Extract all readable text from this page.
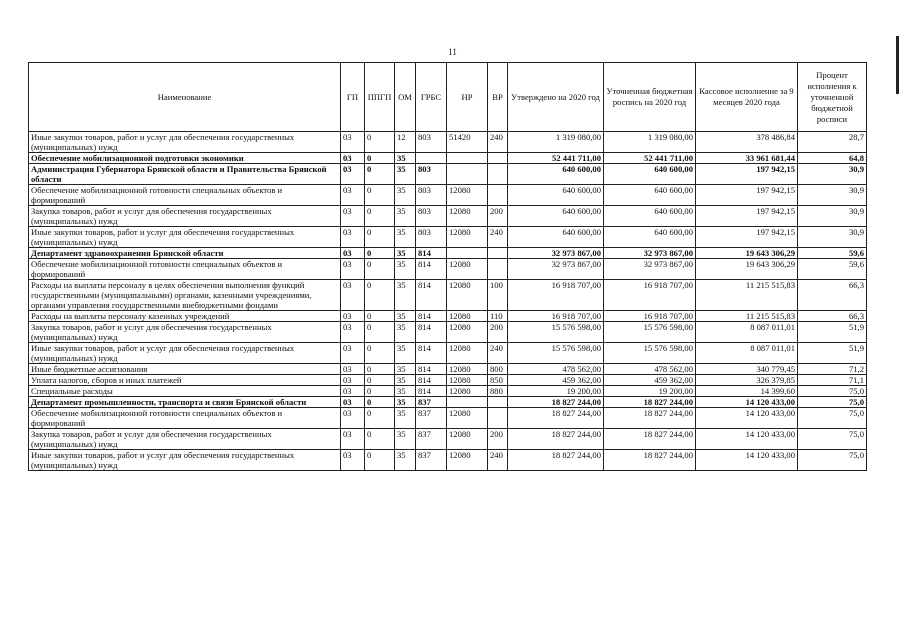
11
Наименование	ГП	ППГП	ОМ	ГРБС	НР	ВР	Утверждено на 2020 год	Уточненная бюджетная роспись на 2020 год	Кассовое исполнение за 9 месяцев 2020 года	Процент исполнения к уточненной бюджетной росписи
Иные закупки товаров, работ и услуг для обеспечения государственных (муниципальных) нужд	03	0	12	803	51420	240	1 319 080,00	1 319 080,00	378 486,84	28,7
Обеспечение мобилизационной подготовки экономики	03	0	35				52 441 711,00	52 441 711,00	33 961 681,44	64,8
Администрация Губернатора Брянской области и Правительства Брянской области	03	0	35	803			640 600,00	640 600,00	197 942,15	30,9
Обеспечение мобилизационной готовности специальных объектов и формирований	03	0	35	803	12080		640 600,00	640 600,00	197 942,15	30,9
Закупка товаров, работ и услуг для обеспечения государственных (муниципальных) нужд	03	0	35	803	12080	200	640 600,00	640 600,00	197 942,15	30,9
Иные закупки товаров, работ и услуг для обеспечения государственных (муниципальных) нужд	03	0	35	803	12080	240	640 600,00	640 600,00	197 942,15	30,9
Департамент здравоохранения Брянской области	03	0	35	814			32 973 867,00	32 973 867,00	19 643 306,29	59,6
Обеспечение мобилизационной готовности специальных объектов и формирований	03	0	35	814	12080		32 973 867,00	32 973 867,00	19 643 306,29	59,6
Расходы на выплаты персоналу в целях обеспечения выполнения функций государственными (муниципальными) органами, казенными учреждениями, органами управления государственными внебюджетными фондами	03	0	35	814	12080	100	16 918 707,00	16 918 707,00	11 215 515,83	66,3
Расходы на выплаты персоналу казенных учреждений	03	0	35	814	12080	110	16 918 707,00	16 918 707,00	11 215 515,83	66,3
Закупка товаров, работ и услуг для обеспечения государственных (муниципальных) нужд	03	0	35	814	12080	200	15 576 598,00	15 576 598,00	8 087 011,01	51,9
Иные закупки товаров, работ и услуг для обеспечения государственных (муниципальных) нужд	03	0	35	814	12080	240	15 576 598,00	15 576 598,00	8 087 011,01	51,9
Иные бюджетные ассигнования	03	0	35	814	12080	800	478 562,00	478 562,00	340 779,45	71,2
Уплата налогов, сборов и иных платежей	03	0	35	814	12080	850	459 362,00	459 362,00	326 379,85	71,1
Специальные расходы	03	0	35	814	12080	880	19 200,00	19 200,00	14 399,60	75,0
Департамент промышленности, транспорта и связи Брянской области	03	0	35	837			18 827 244,00	18 827 244,00	14 120 433,00	75,0
Обеспечение мобилизационной готовности специальных объектов и формирований	03	0	35	837	12080		18 827 244,00	18 827 244,00	14 120 433,00	75,0
Закупка товаров, работ и услуг для обеспечения государственных (муниципальных) нужд	03	0	35	837	12080	200	18 827 244,00	18 827 244,00	14 120 433,00	75,0
Иные закупки товаров, работ и услуг для обеспечения государственных (муниципальных) нужд	03	0	35	837	12080	240	18 827 244,00	18 827 244,00	14 120 433,00	75,0
